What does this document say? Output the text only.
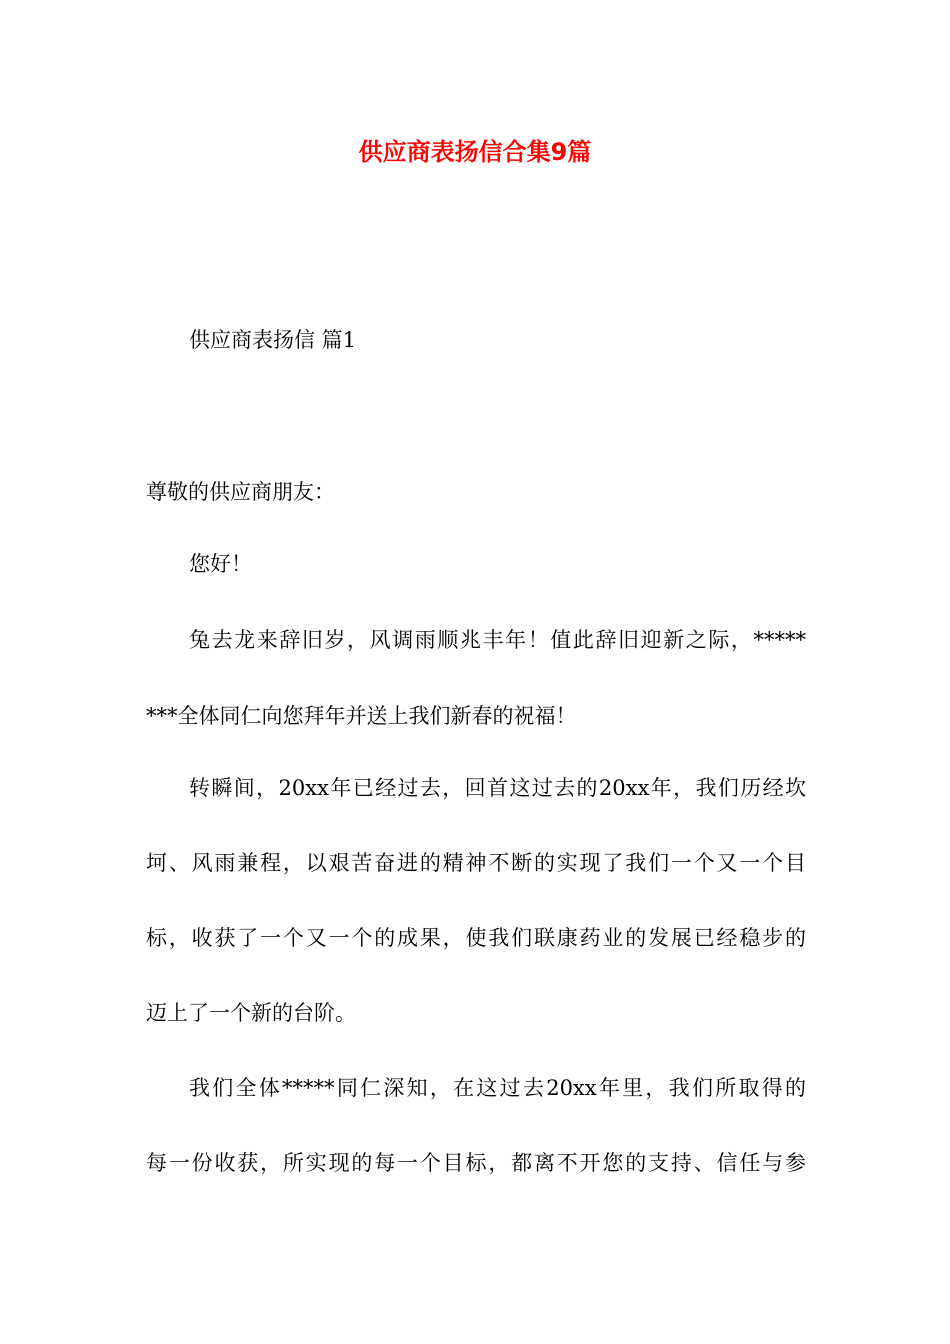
供应商表扬信合集9篇
供应商表扬信 篇1
尊敬的供应商朋友：
您好！
兔去龙来辞旧岁，风调雨顺兆丰年！值此辞旧迎新之际，*****
***全体同仁向您拜年并送上我们新春的祝福！
转瞬间，20xx年已经过去，回首这过去的20xx年，我们历经坎
坷、风雨兼程，以艰苦奋进的精神不断的实现了我们一个又一个目
标，收获了一个又一个的成果，使我们联康药业的发展已经稳步的
迈上了一个新的台阶。
我们全体*****同仁深知，在这过去20xx年里，我们所取得的
每一份收获，所实现的每一个目标，都离不开您的支持、信任与参
